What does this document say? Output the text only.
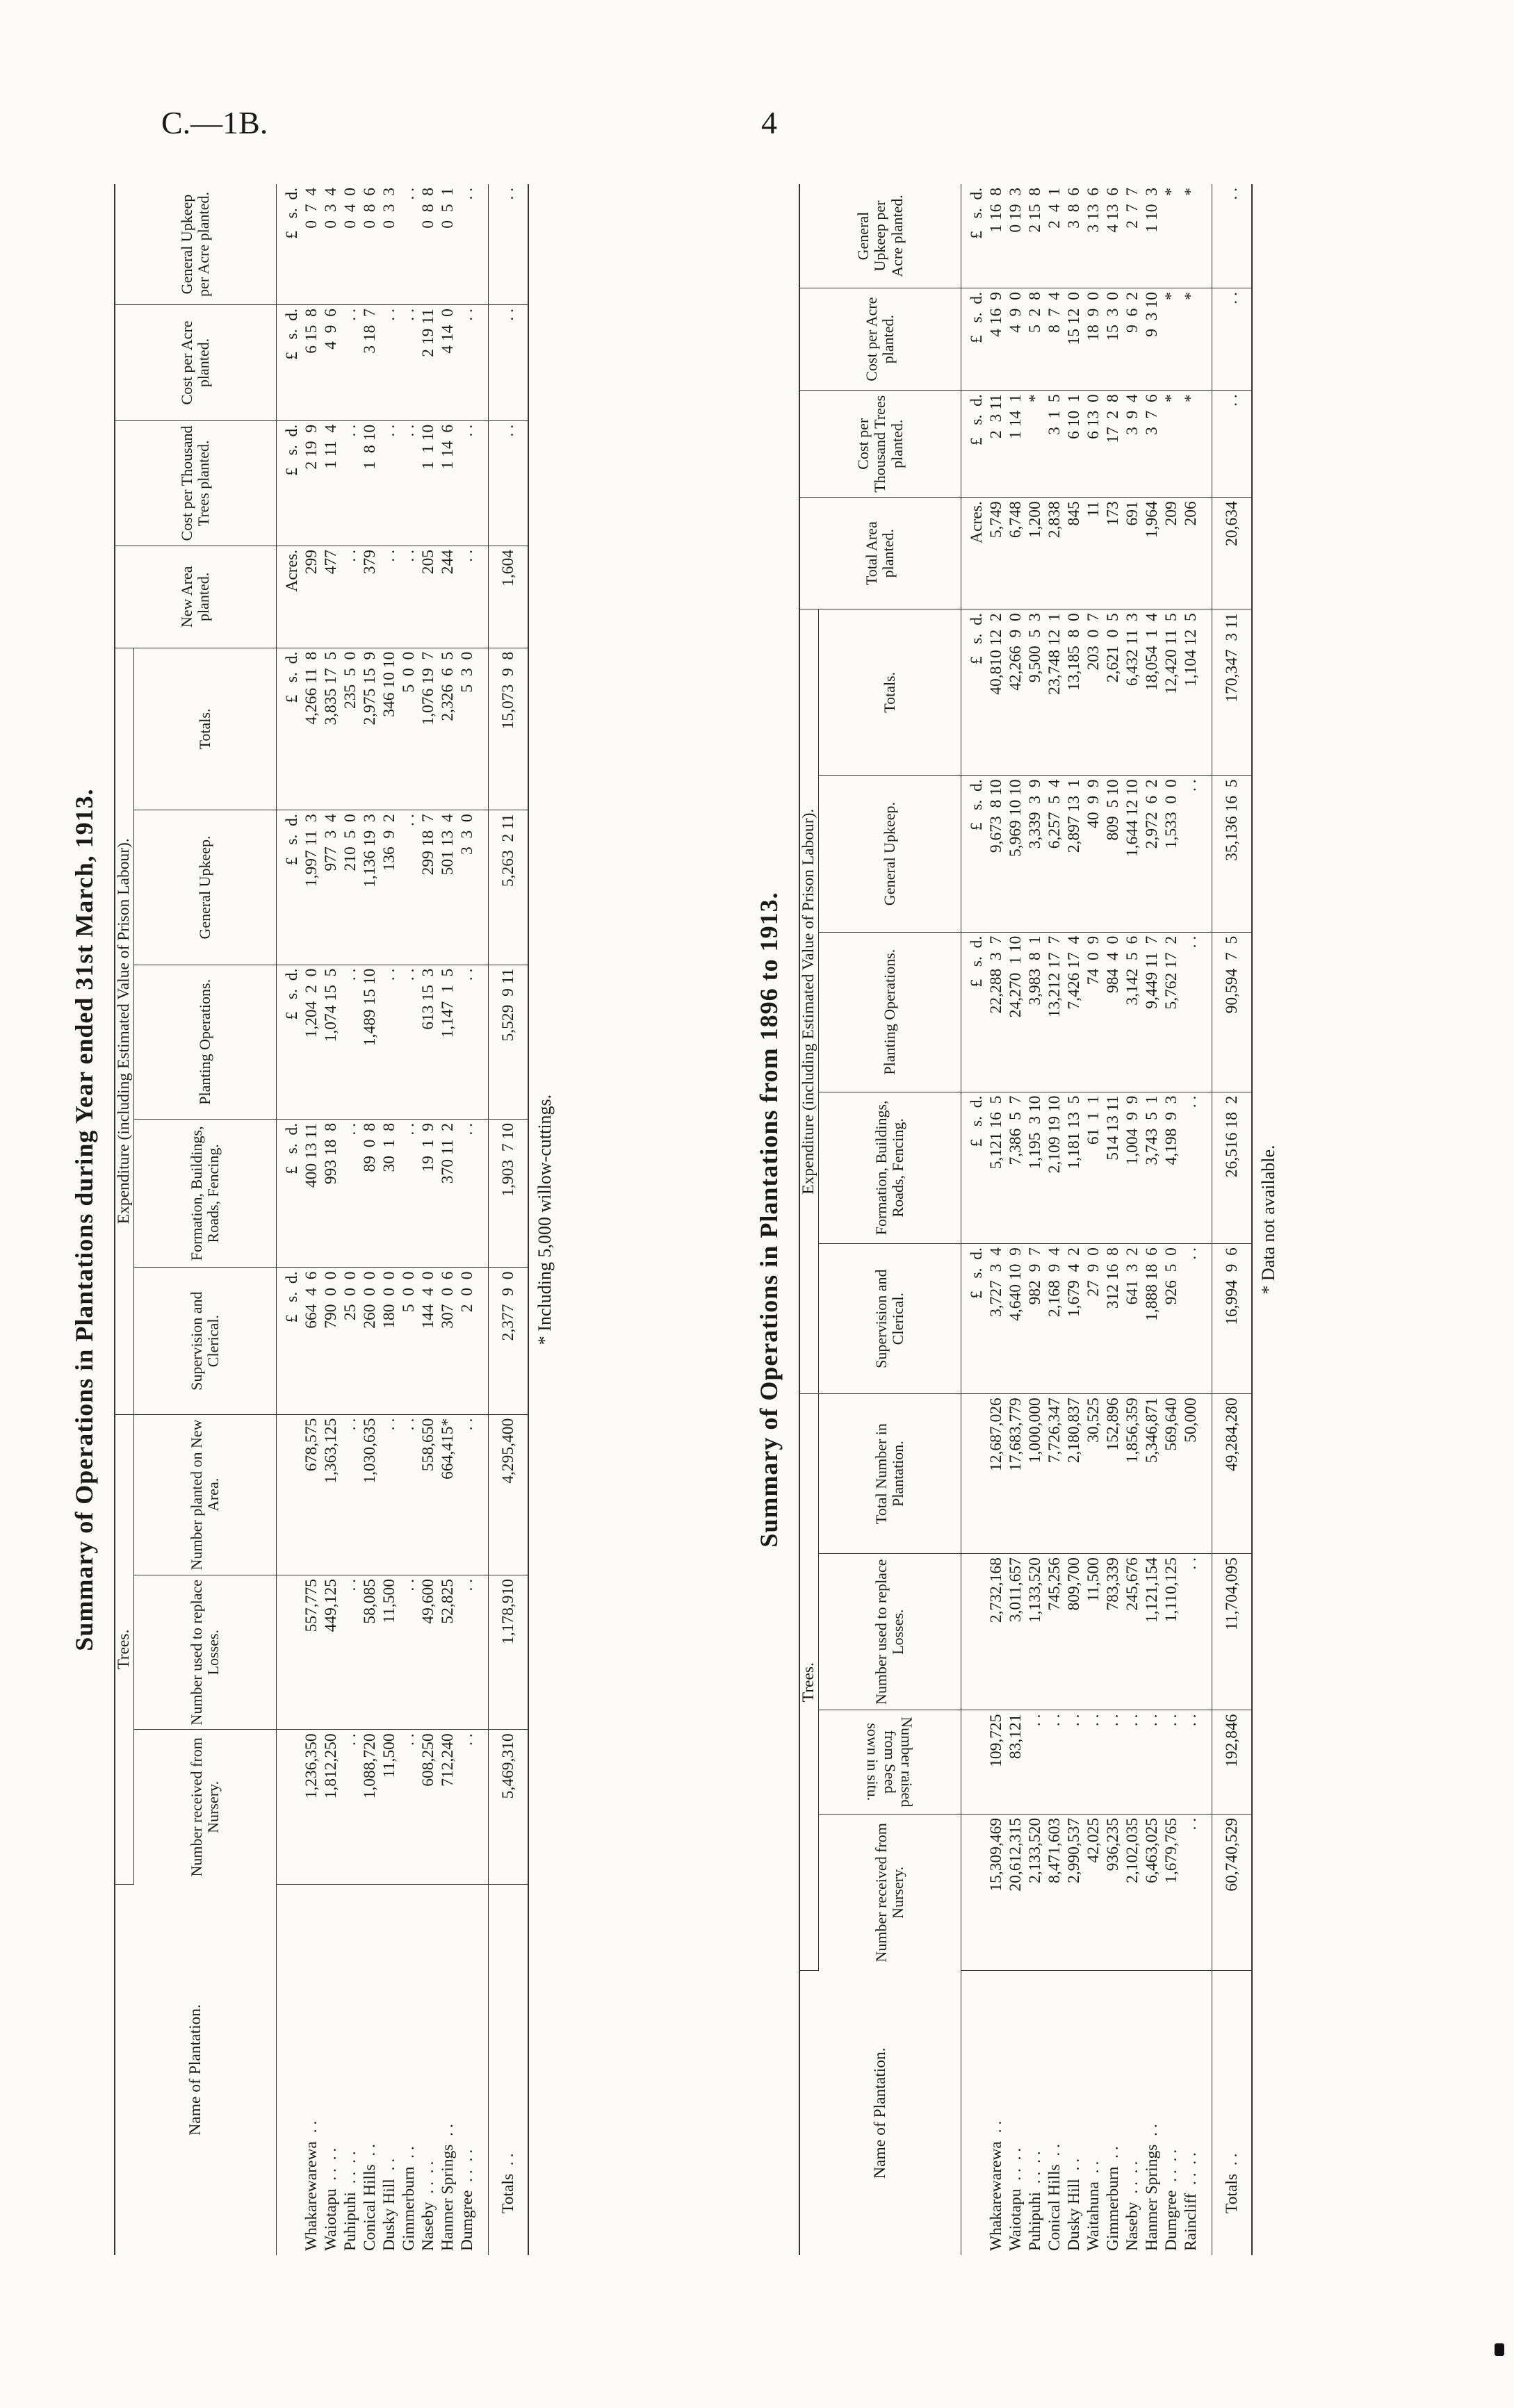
C.—1B.	4
Summary of Operations in Plantations during Year ended 31st March, 1913.
Name of Plantation.	Trees.			Expenditure (including Estimated Value of Prison Labour).					New Area planted.	Cost per Thousand Trees planted.	Cost per Acre planted.	General Upkeep per Acre planted.
	Number received from Nursery.	Number used to replace Losses.	Number planted on New Area.	Supervision and Clerical.	Formation, Buildings, Roads, Fencing.	Planting Operations.	General Upkeep.	Totals.				
				£   s.  d.	£   s.  d.	£   s.  d.	£   s.  d.	£   s.  d.	Acres.	£   s.  d.	£   s.  d.	£   s.  d.
Whakarewarewa  . .	1,236,350	557,775	678,575	664  4  6	400 13 11	1,204  2  0	1,997 11  3	4,266 11  8	299	2 19  9	6 15  8	0  7  4
Waiotapu  . .  . .	1,812,250	449,125	1,363,125	790  0  0	993 18  8	1,074 15  5	977  3  4	3,835 17  5	477	1 11  4	4  9  6	0  3  4
Puhipuhi  . .  . .	. .	. .	. .	25  0  0	. .	. .	210  5  0	235  5  0	. .	. .	. .	0  4  0
Conical Hills  . .	1,088,720	58,085	1,030,635	260  0  0	89  0  8	1,489 15 10	1,136 19  3	2,975 15  9	379	1  8 10	3 18  7	0  8  6
Dusky Hill  . .	11,500	11,500	. .	180  0  0	30  1  8	. .	136  9  2	346 10 10	. .	. .	. .	0  3  3
Gimmerburn  . .	. .	. .	. .	5  0  0	. .	. .	. .	5  0  0	. .	. .	. .	. .
Naseby  . .  . .	608,250	49,600	558,650	144  4  0	19  1  9	613 15  3	299 18  7	1,076 19  7	205	1  1 10	2 19 11	0  8  8
Hanmer Springs  . .	712,240	52,825	664,415*	307  0  6	370 11  2	1,147  1  5	501 13  4	2,326  6  5	244	1 14  6	4 14  0	0  5  1
Dumgree  . .  . .	. .	. .	. .	2  0  0	. .	. .	3  3  0	5  3  0	. .	. .	. .	. .
Totals  . .	5,469,310	1,178,910	4,295,400	2,377  9  0	1,903  7 10	5,529  9 11	5,263  2 11	15,073  9  8	1,604	. .	. .	. .

* Including 5,000 willow-cuttings.	Summary of Operations in Plantations from 1896 to 1913.
Name of Plantation.	Trees.				Expenditure (including Estimated Value of Prison Labour).					Total Area planted.	Cost per Thousand Trees planted.	Cost per Acre planted.	General Upkeep per Acre planted.
	Number received from Nursery.	Number raised from Seed sown in situ.	Number used to replace Losses.	Total Number in Plantation.	Supervision and Clerical.	Formation, Buildings, Roads, Fencing.	Planting Operations.	General Upkeep.	Totals.				
					£   s.  d.	£   s.  d.	£   s.  d.	£   s.  d.	£   s.  d.	Acres.	£   s.  d.	£   s.  d.	£   s.  d.
Whakarewarewa  . .	15,309,469	109,725	2,732,168	12,687,026	3,727  3  4	5,121 16  5	22,288  3  7	9,673  8 10	40,810 12  2	5,749	2  3 11	4 16  9	1 16  8
Waiotapu  . .  . .	20,612,315	83,121	3,011,657	17,683,779	4,640 10  9	7,386  5  7	24,270  1 10	5,969 10 10	42,266  9  0	6,748	1 14  1	4  9  0	0 19  3
Puhipuhi  . .  . .	2,133,520	. .	1,133,520	1,000,000	982  9  7	1,195  3 10	3,983  8  1	3,339  3  9	9,500  5  3	1,200	*	5  2  8	2 15  8
Conical Hills  . .	8,471,603	. .	745,256	7,726,347	2,168  9  4	2,109 19 10	13,212 17  7	6,257  5  4	23,748 12  1	2,838	3  1  5	8  7  4	2  4  1
Dusky Hill  . .	2,990,537	. .	809,700	2,180,837	1,679  4  2	1,181 13  5	7,426 17  4	2,897 13  1	13,185  8  0	845	6 10  1	15 12  0	3  8  6
Waitahuna  . .	42,025	. .	11,500	30,525	27  9  0	61  1  1	74  0  9	40  9  9	203  0  7	11	6 13  0	18  9  0	3 13  6
Gimmerburn  . .	936,235	. .	783,339	152,896	312 16  8	514 13 11	984  4  0	809  5 10	2,621  0  5	173	17  2  8	15  3  0	4 13  6
Naseby  . .  . .	2,102,035	. .	245,676	1,856,359	641  3  2	1,004  9  9	3,142  5  6	1,644 12 10	6,432 11  3	691	3  9  4	9  6  2	2  7  7
Hanmer Springs  . .	6,463,025	. .	1,121,154	5,346,871	1,888 18  6	3,743  5  1	9,449 11  7	2,972  6  2	18,054  1  4	1,964	3  7  6	9  3 10	1 10  3
Dumgree  . .  . .	1,679,765	. .	1,110,125	569,640	926  5  0	4,198  9  3	5,762 17  2	1,533  0  0	12,420 11  5	209	*	*	*
Raincliff  . .  . .	. .	. .	. .	50,000	. .	. .	. .	. .	1,104 12  5	206	*	*	*
Totals  . .	60,740,529	192,846	11,704,095	49,284,280	16,994  9  6	26,516 18  2	90,594  7  5	35,136 16  5	170,347  3 11	20,634	. .	. .	. .

* Data not available.
